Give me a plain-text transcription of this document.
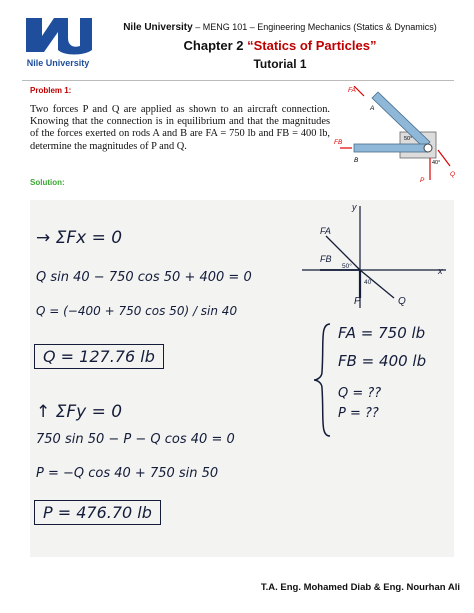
Nile University
Nile University – MENG 101 – Engineering Mechanics (Statics & Dynamics)
Chapter 2 “Statics of Particles”
Tutorial 1
Problem 1:
Two forces P and Q are applied as shown to an aircraft connection. Knowing that the connection is in equilibrium and that the magnitudes of the forces exerted on rods A and B are FA = 750 lb and FB = 400 lb, determine the magnitudes of P and Q.
FA
A
FB
B
50°
40°
Q
P
Solution:
→ ΣFx = 0
Q sin 40 − 750 cos 50 + 400 = 0
Q = (−400 + 750 cos 50) / sin 40
Q = 127.76 lb
↑ ΣFy = 0
750 sin 50 − P − Q cos 40 = 0
P = −Q cos 40 + 750 sin 50
P = 476.70 lb
x
y
FA
FB
50°
40
P	Q
FA = 750 lb
FB = 400 lb
Q = ??
P = ??
T.A. Eng. Mohamed Diab & Eng. Nourhan Ali
